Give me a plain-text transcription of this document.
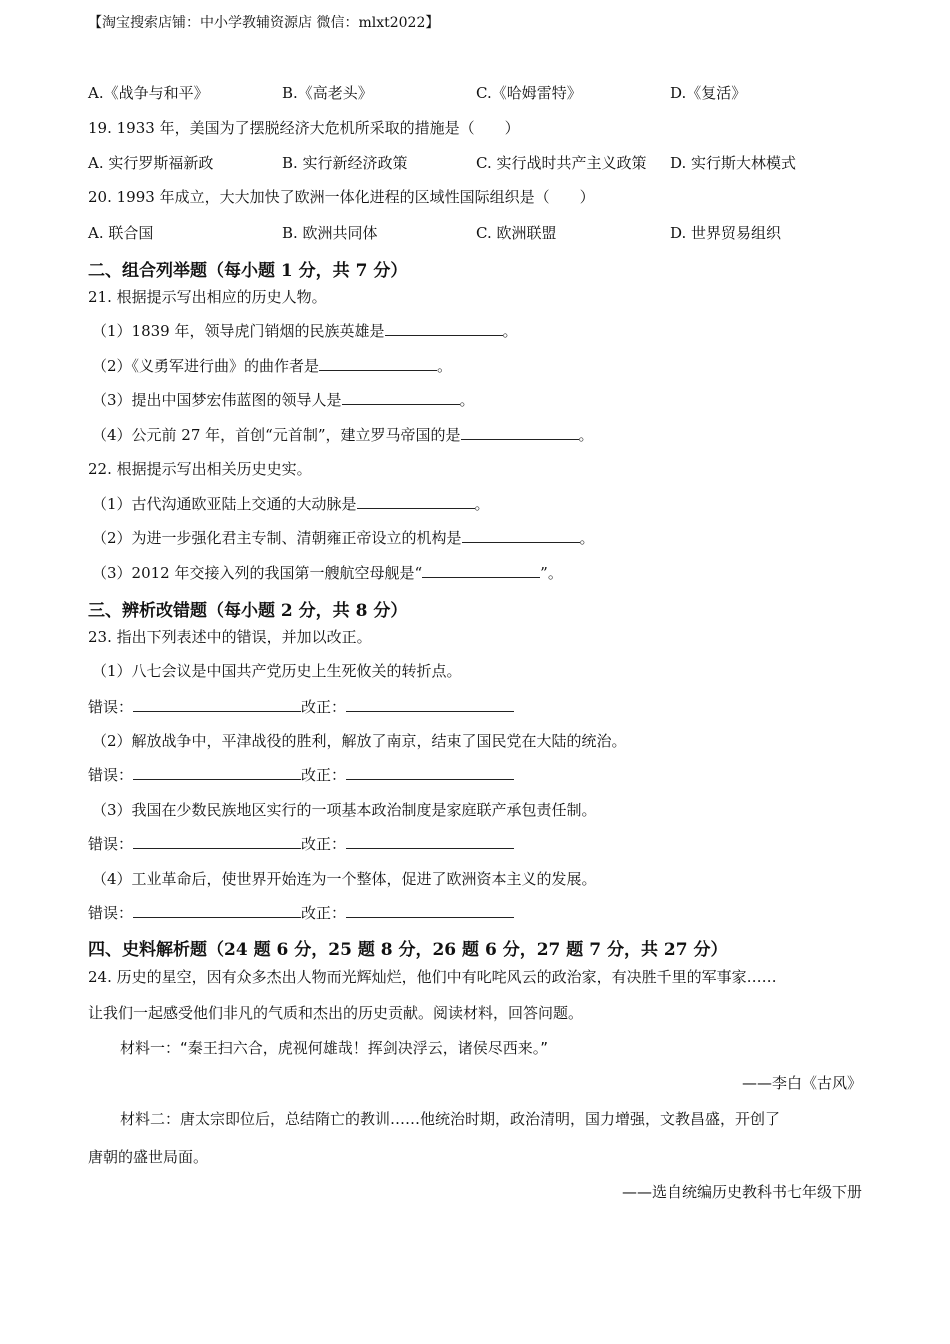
【淘宝搜索店铺：中小学教辅资源店 微信：mlxt2022】
A.《战争与和平》	B.《高老头》	C.《哈姆雷特》	D.《复活》
19. 1933 年，美国为了摆脱经济大危机所采取的措施是（　　）
A. 实行罗斯福新政	B. 实行新经济政策	C. 实行战时共产主义政策 D. 实行斯大林模式
20. 1993 年成立，大大加快了欧洲一体化进程的区域性国际组织是（　　）
A. 联合国	B. 欧洲共同体	C. 欧洲联盟	D. 世界贸易组织
二、组合列举题（每小题 1 分，共 7 分）
21. 根据提示写出相应的历史人物。
（1）1839 年，领导虎门销烟的民族英雄是	。
（2）《义勇军进行曲》的曲作者是	。
（3）提出中国梦宏伟蓝图的领导人是	。
（4）公元前 27 年，首创“元首制”，建立罗马帝国的是	。
22. 根据提示写出相关历史史实。
（1）古代沟通欧亚陆上交通的大动脉是	。
（2）为进一步强化君主专制、清朝雍正帝设立的机构是	。
（3）2012 年交接入列的我国第一艘航空母舰是“	”。
三、辨析改错题（每小题 2 分，共 8 分）
23. 指出下列表述中的错误，并加以改正。
（1）八七会议是中国共产党历史上生死攸关的转折点。
错误：	改正：
（2）解放战争中，平津战役的胜利，解放了南京，结束了国民党在大陆的统治。
错误：	改正：
（3）我国在少数民族地区实行的一项基本政治制度是家庭联产承包责任制。
错误：	改正：
（4）工业革命后，使世界开始连为一个整体，促进了欧洲资本主义的发展。
错误：	改正：
四、史料解析题（24 题 6 分，25 题 8 分，26 题 6 分，27 题 7 分，共 27 分）
24. 历史的星空，因有众多杰出人物而光辉灿烂，他们中有叱咤风云的政治家，有决胜千里的军事家……
让我们一起感受他们非凡的气质和杰出的历史贡献。阅读材料，回答问题。
材料一：“秦王扫六合，虎视何雄哉！挥剑决浮云，诸侯尽西来。”
——李白《古风》
材料二：唐太宗即位后，总结隋亡的教训……他统治时期，政治清明，国力增强，文教昌盛，开创了
唐朝的盛世局面。
——选自统编历史教科书七年级下册
